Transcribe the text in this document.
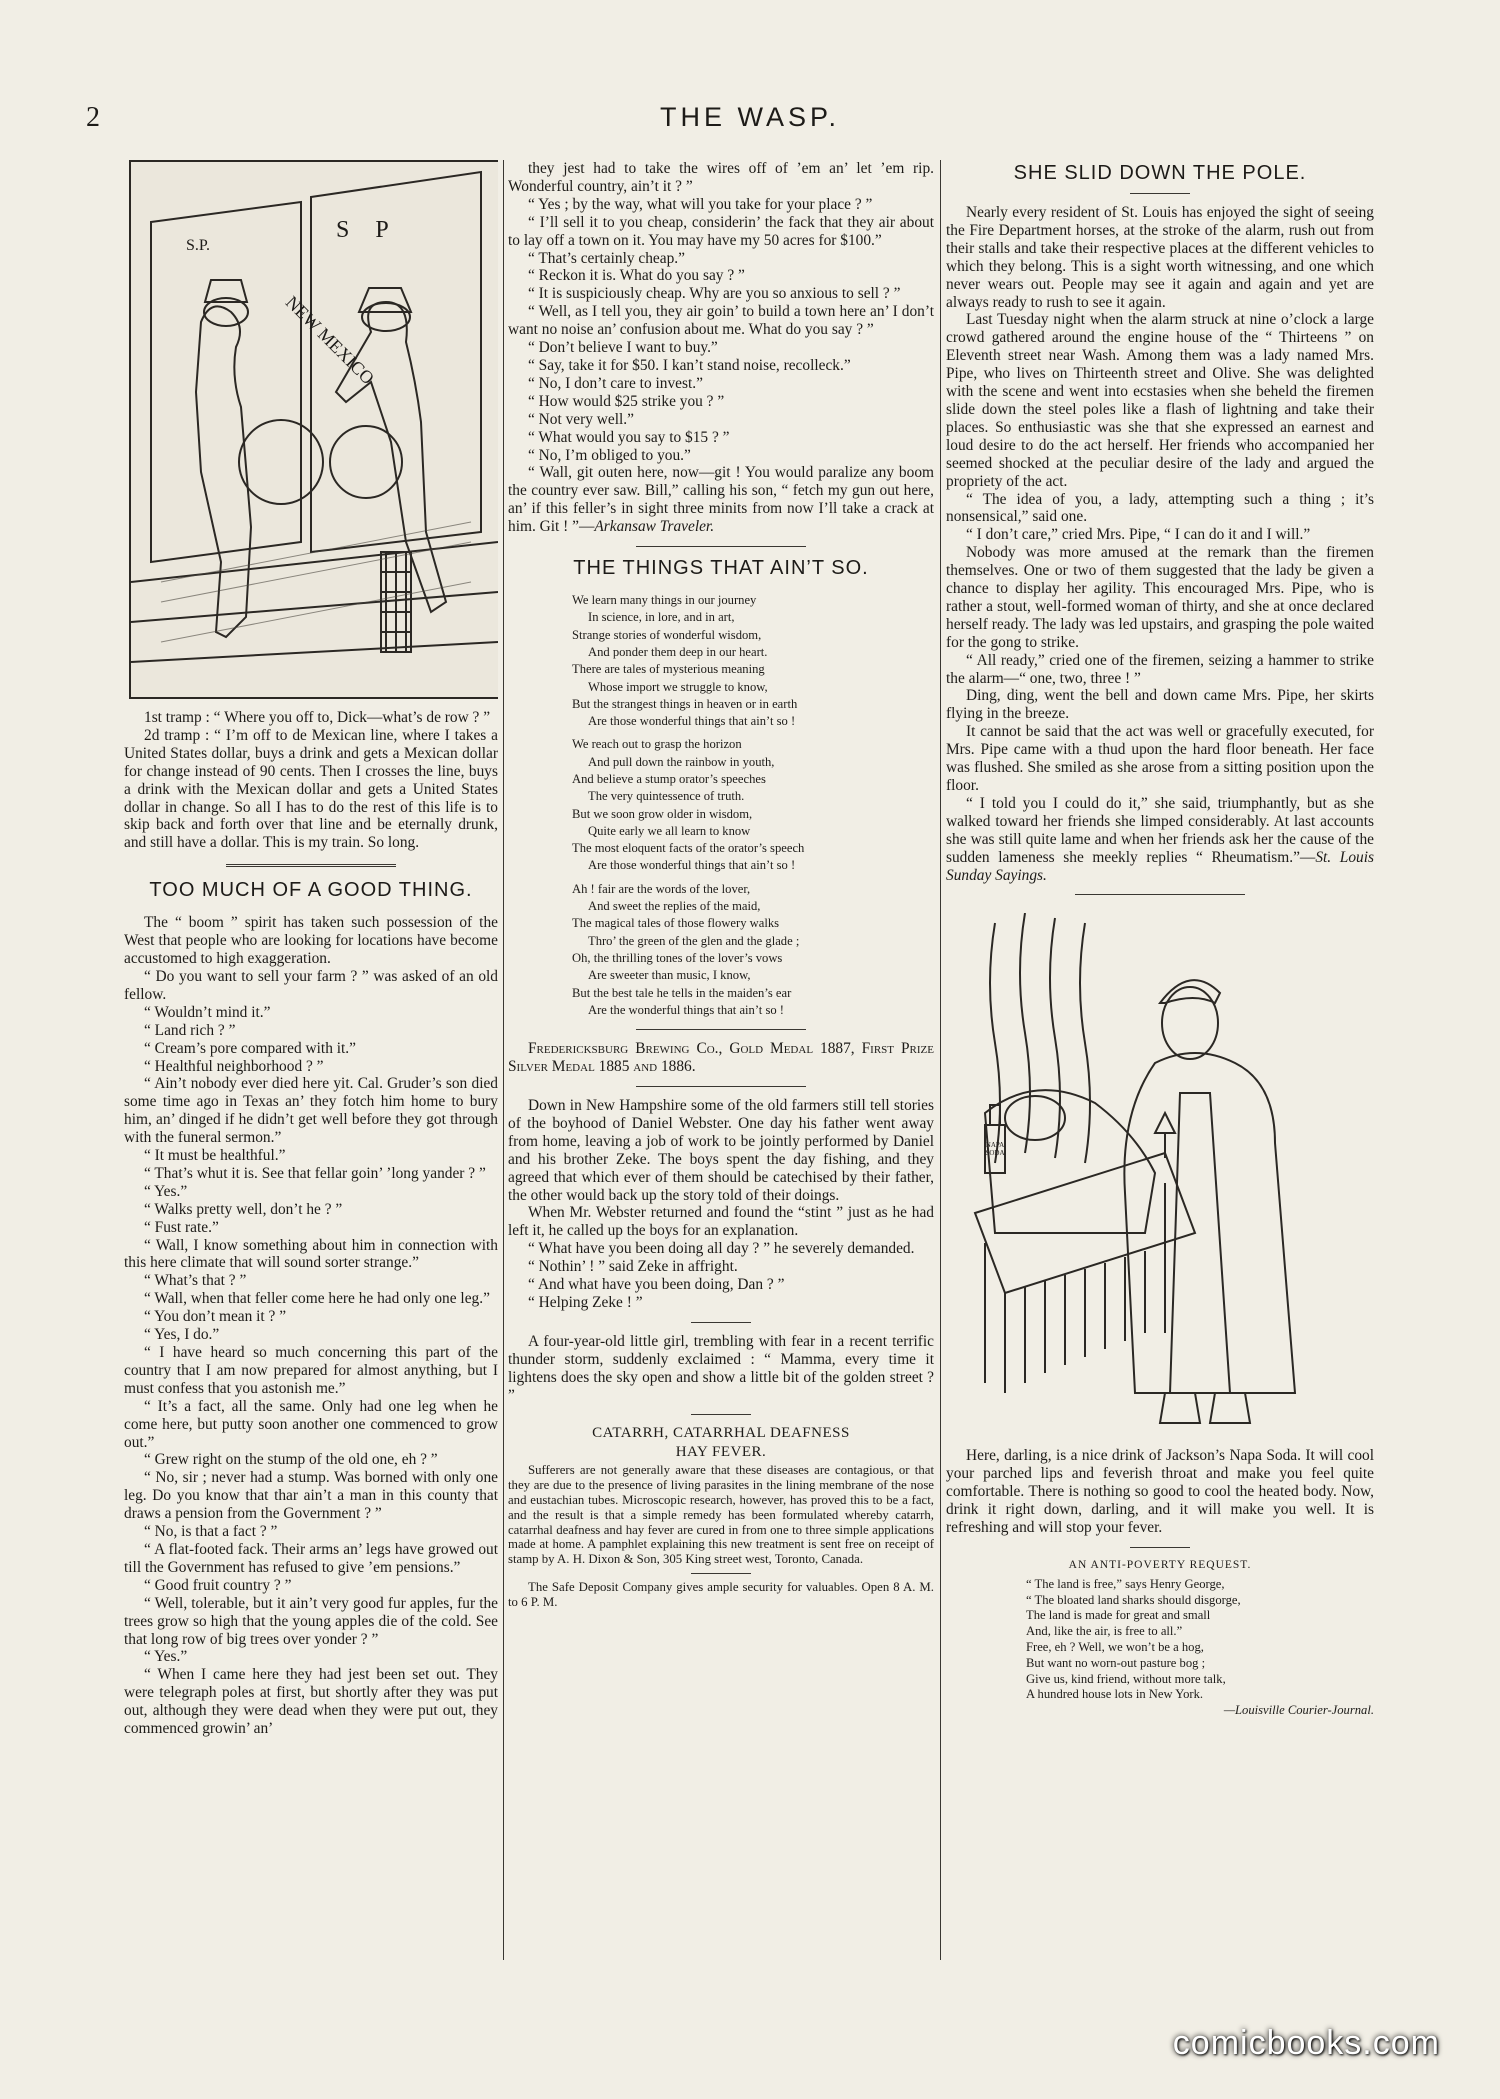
2	THE WASP.
S.P.
S P
NEW MEXICO

1st tramp : “ Where you off to, Dick—what’s de row ? ”

2d tramp : “ I’m off to de Mexican line, where I takes a United States dollar, buys a drink and gets a Mexican dollar for change instead of 90 cents. Then I crosses the line, buys a drink with the Mexican dollar and gets a United States dollar in change. So all I has to do the rest of this life is to skip back and forth over that line and be eternally drunk, and still have a dollar. This is my train. So long.

TOO MUCH OF A GOOD THING.

The “ boom ” spirit has taken such possession of the West that people who are looking for locations have become accustomed to high exaggeration.

“ Do you want to sell your farm ? ” was asked of an old fellow.

“ Wouldn’t mind it.”

“ Land rich ? ”

“ Cream’s pore compared with it.”

“ Healthful neighborhood ? ”

“ Ain’t nobody ever died here yit. Cal. Gruder’s son died some time ago in Texas an’ they fotch him home to bury him, an’ dinged if he didn’t get well before they got through with the funeral sermon.”

“ It must be healthful.”

“ That’s whut it is. See that fellar goin’ ’long yander ? ”

“ Yes.”

“ Walks pretty well, don’t he ? ”

“ Fust rate.”

“ Wall, I know something about him in connection with this here climate that will sound sorter strange.”

“ What’s that ? ”

“ Wall, when that feller come here he had only one leg.”

“ You don’t mean it ? ”

“ Yes, I do.”

“ I have heard so much concerning this part of the country that I am now prepared for almost anything, but I must confess that you astonish me.”

“ It’s a fact, all the same. Only had one leg when he come here, but putty soon another one commenced to grow out.”

“ Grew right on the stump of the old one, eh ? ”

“ No, sir ; never had a stump. Was borned with only one leg. Do you know that thar ain’t a man in this county that draws a pension from the Government ? ”

“ No, is that a fact ? ”

“ A flat-footed fack. Their arms an’ legs have growed out till the Government has refused to give ’em pensions.”

“ Good fruit country ? ”

“ Well, tolerable, but it ain’t very good fur apples, fur the trees grow so high that the young apples die of the cold. See that long row of big trees over yonder ? ”

“ Yes.”

“ When I came here they had jest been set out. They were telegraph poles at first, but shortly after they was put out, although they were dead when they were put out, they commenced growin’ an’

they jest had to take the wires off of ’em an’ let ’em rip. Wonderful country, ain’t it ? ”

“ Yes ; by the way, what will you take for your place ? ”

“ I’ll sell it to you cheap, considerin’ the fack that they air about to lay off a town on it. You may have my 50 acres for $100.”

“ That’s certainly cheap.”

“ Reckon it is. What do you say ? ”

“ It is suspiciously cheap. Why are you so anxious to sell ? ”

“ Well, as I tell you, they air goin’ to build a town here an’ I don’t want no noise an’ confusion about me. What do you say ? ”

“ Don’t believe I want to buy.”

“ Say, take it for $50. I kan’t stand noise, recolleck.”

“ No, I don’t care to invest.”

“ How would $25 strike you ? ”

“ Not very well.”

“ What would you say to $15 ? ”

“ No, I’m obliged to you.”

“ Wall, git outen here, now—git ! You would paralize any boom the country ever saw. Bill,” calling his son, “ fetch my gun out here, an’ if this feller’s in sight three minits from now I’ll take a crack at him. Git ! ”—Arkansaw Traveler.

THE THINGS THAT AIN’T SO.
We learn many things in our journey
In science, in lore, and in art,
Strange stories of wonderful wisdom,
And ponder them deep in our heart.
There are tales of mysterious meaning
Whose import we struggle to know,
But the strangest things in heaven or in earth
Are those wonderful things that ain’t so !
We reach out to grasp the horizon
And pull down the rainbow in youth,
And believe a stump orator’s speeches
The very quintessence of truth.
But we soon grow older in wisdom,
Quite early we all learn to know
The most eloquent facts of the orator’s speech
Are those wonderful things that ain’t so !
Ah ! fair are the words of the lover,
And sweet the replies of the maid,
The magical tales of those flowery walks
Thro’ the green of the glen and the glade ;
Oh, the thrilling tones of the lover’s vows
Are sweeter than music, I know,
But the best tale he tells in the maiden’s ear
Are the wonderful things that ain’t so !

Fredericksburg Brewing Co., Gold Medal 1887, First Prize Silver Medal 1885 and 1886.

Down in New Hampshire some of the old farmers still tell stories of the boyhood of Daniel Webster. One day his father went away from home, leaving a job of work to be jointly performed by Daniel and his brother Zeke. The boys spent the day fishing, and they agreed that which ever of them should be catechised by their father, the other would back up the story told of their doings.

When Mr. Webster returned and found the “stint ” just as he had left it, he called up the boys for an explanation.

“ What have you been doing all day ? ” he severely demanded.

“ Nothin’ ! ” said Zeke in affright.

“ And what have you been doing, Dan ? ”

“ Helping Zeke ! ”

A four-year-old little girl, trembling with fear in a recent terrific thunder storm, suddenly exclaimed : “ Mamma, every time it lightens does the sky open and show a little bit of the golden street ? ”

CATARRH, CATARRHAL DEAFNESS
HAY FEVER.

Sufferers are not generally aware that these diseases are contagious, or that they are due to the presence of living parasites in the lining membrane of the nose and eustachian tubes. Microscopic research, however, has proved this to be a fact, and the result is that a simple remedy has been formulated whereby catarrh, catarrhal deafness and hay fever are cured in from one to three simple applications made at home. A pamphlet explaining this new treatment is sent free on receipt of stamp by A. H. Dixon & Son, 305 King street west, Toronto, Canada.

The Safe Deposit Company gives ample security for valuables. Open 8 A. M. to 6 P. M.

SHE SLID DOWN THE POLE.

Nearly every resident of St. Louis has enjoyed the sight of seeing the Fire Department horses, at the stroke of the alarm, rush out from their stalls and take their respective places at the different vehicles to which they belong. This is a sight worth witnessing, and one which never wears out. People may see it again and again and yet are always ready to rush to see it again.

Last Tuesday night when the alarm struck at nine o’clock a large crowd gathered around the engine house of the “ Thirteens ” on Eleventh street near Wash. Among them was a lady named Mrs. Pipe, who lives on Thirteenth street and Olive. She was delighted with the scene and went into ecstasies when she beheld the firemen slide down the steel poles like a flash of lightning and take their places. So enthusiastic was she that she expressed an earnest and loud desire to do the act herself. Her friends who accompanied her seemed shocked at the peculiar desire of the lady and argued the propriety of the act.

“ The idea of you, a lady, attempting such a thing ; it’s nonsensical,” said one.

“ I don’t care,” cried Mrs. Pipe, “ I can do it and I will.”

Nobody was more amused at the remark than the firemen themselves. One or two of them suggested that the lady be given a chance to display her agility. This encouraged Mrs. Pipe, who is rather a stout, well-formed woman of thirty, and she at once declared herself ready. The lady was led upstairs, and grasping the pole waited for the gong to strike.

“ All ready,” cried one of the firemen, seizing a hammer to strike the alarm—“ one, two, three ! ”

Ding, ding, went the bell and down came Mrs. Pipe, her skirts flying in the breeze.

It cannot be said that the act was well or gracefully executed, for Mrs. Pipe came with a thud upon the hard floor beneath. Her face was flushed. She smiled as she arose from a sitting position upon the floor.

“ I told you I could do it,” she said, triumphantly, but as she walked toward her friends she limped considerably. At last accounts she was still quite lame and when her friends ask her the cause of the sudden lameness she meekly replies “ Rheumatism.”—St. Louis Sunday Sayings.

NAPA SODA

Here, darling, is a nice drink of Jackson’s Napa Soda. It will cool your parched lips and feverish throat and make you feel quite comfortable. There is nothing so good to cool the heated body. Now, drink it right down, darling, and it will make you well. It is refreshing and will stop your fever.

AN ANTI-POVERTY REQUEST.
“ The land is free,” says Henry George,
“ The bloated land sharks should disgorge,
The land is made for great and small
And, like the air, is free to all.”
Free, eh ? Well, we won’t be a hog,
But want no worn-out pasture bog ;
Give us, kind friend, without more talk,
A hundred house lots in New York.
—Louisville Courier-Journal.
comicbooks.com
